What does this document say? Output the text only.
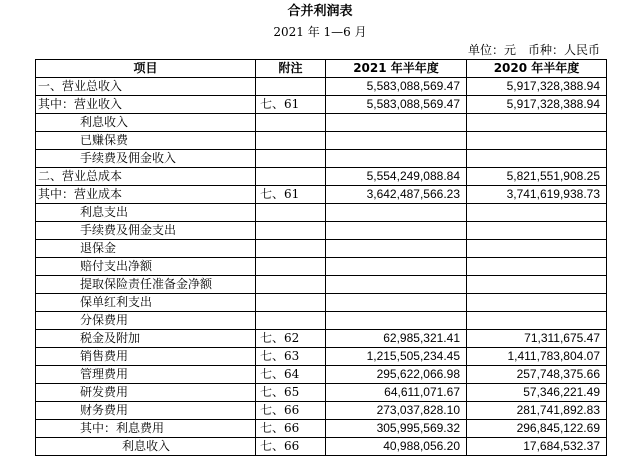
合并利润表
2021 年 1—6 月
单位：元　币种：人民币
项目	附注	2021 年半年度	2020 年半年度
一、营业总收入		5,583,088,569.47	5,917,328,388.94
其中：营业收入	七、61	5,583,088,569.47	5,917,328,388.94
利息收入			
已赚保费			
手续费及佣金收入			
二、营业总成本		5,554,249,088.84	5,821,551,908.25
其中：营业成本	七、61	3,642,487,566.23	3,741,619,938.73
利息支出			
手续费及佣金支出			
退保金			
赔付支出净额			
提取保险责任准备金净额			
保单红利支出			
分保费用			
税金及附加	七、62	62,985,321.41	71,311,675.47
销售费用	七、63	1,215,505,234.45	1,411,783,804.07
管理费用	七、64	295,622,066.98	257,748,375.66
研发费用	七、65	64,611,071.67	57,346,221.49
财务费用	七、66	273,037,828.10	281,741,892.83
其中：利息费用	七、66	305,995,569.32	296,845,122.69
利息收入	七、66	40,988,056.20	17,684,532.37
